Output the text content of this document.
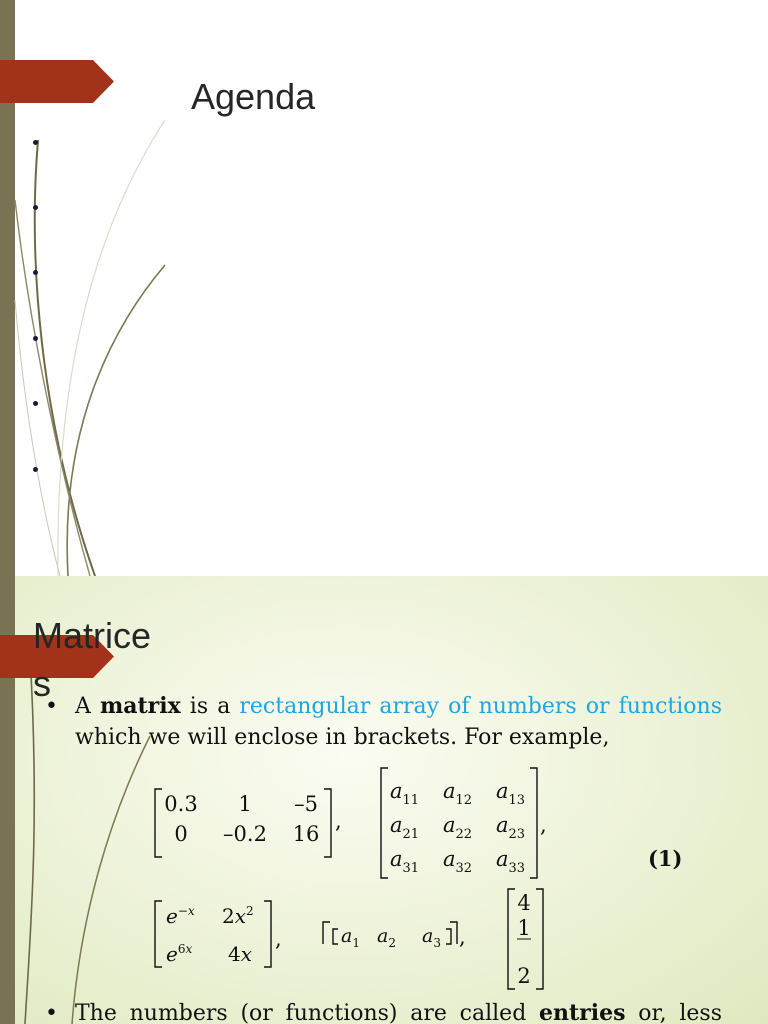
Agenda
Matrice
s

• A matrix is a rectangular array of numbers or functions which we will enclose in brackets. For example,

0.3 1 –5
0 –0.2 16
,
$a_{11}$ $a_{12}$ $a_{13}$
$a_{21}$ $a_{22}$ $a_{23}$
$a_{31}$ $a_{32}$ $a_{33}$
,
(1)
$e^{-x}$ $2x^2$
$e^6x$ 4x
,	$a_1$ $a_2$ $a_3$ ,
4
1
2

• The numbers (or functions) are called entries or, less
